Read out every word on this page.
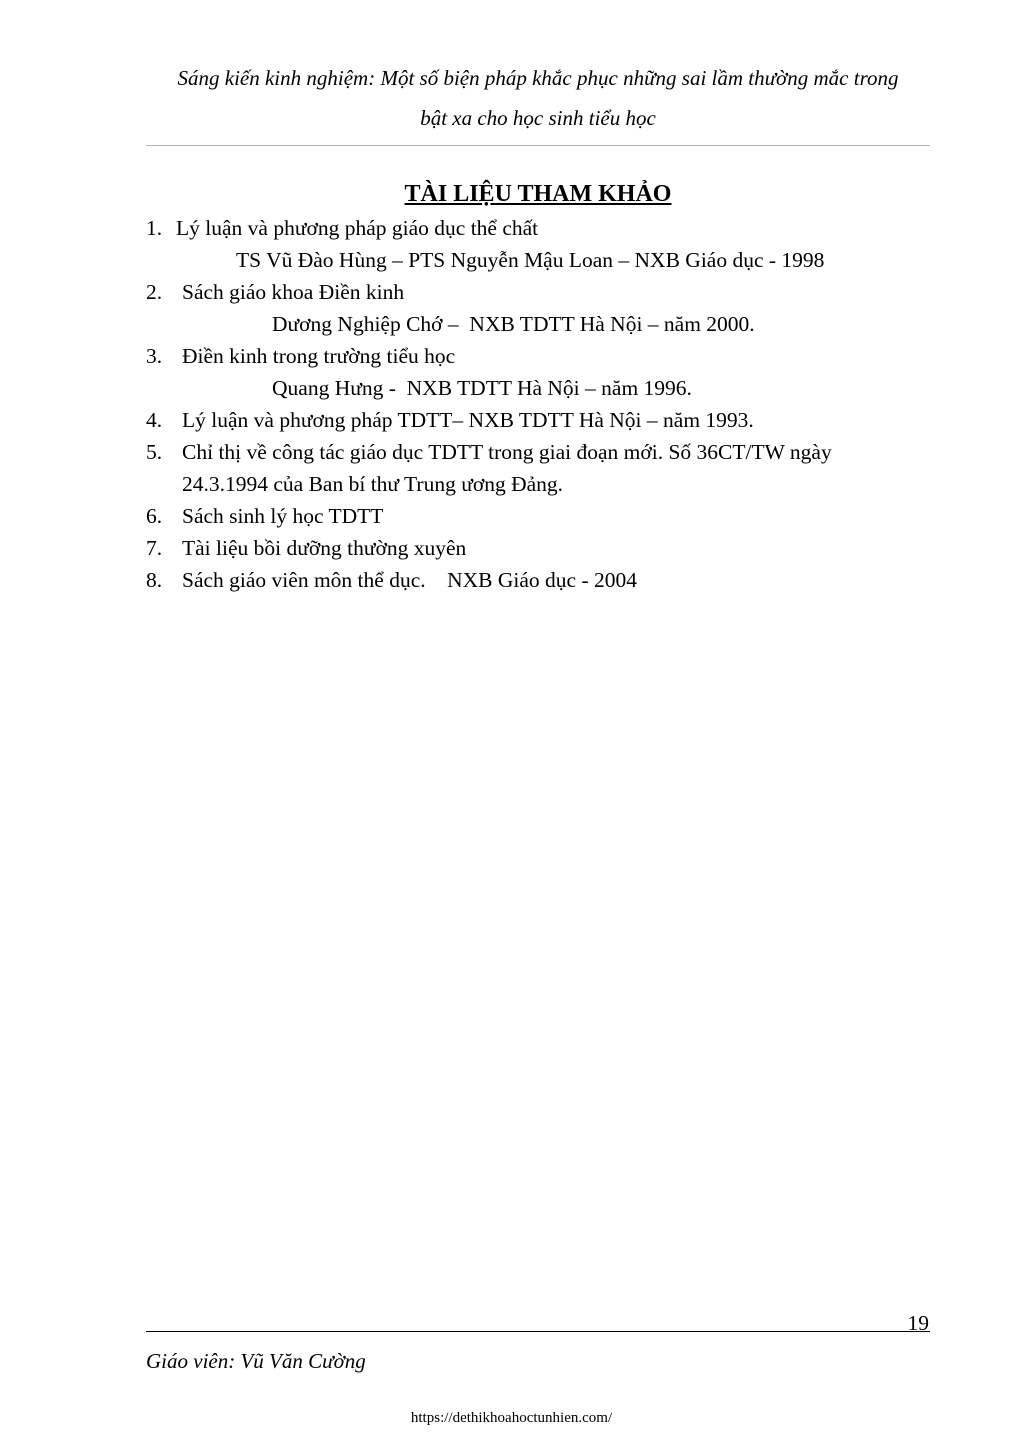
Sáng kiến kinh nghiệm: Một số biện pháp khắc phục những sai lầm thường mắc trong
bật xa cho học sinh tiểu học
TÀI LIỆU THAM KHẢO
1. Lý luận và phương pháp giáo dục thể chất
TS Vũ Đào Hùng – PTS Nguyễn Mậu Loan – NXB Giáo dục - 1998
2. Sách giáo khoa Điền kinh
Dương Nghiệp Chớ –  NXB TDTT Hà Nội – năm 2000.
3. Điền kinh trong trường tiểu học
Quang Hưng -  NXB TDTT Hà Nội – năm 1996.
4. Lý luận và phương pháp TDTT– NXB TDTT Hà Nội – năm 1993.
5. Chỉ thị về công tác giáo dục TDTT trong giai đoạn mới. Số 36CT/TW ngày
24.3.1994 của Ban bí thư Trung ương Đảng.
6. Sách sinh lý học TDTT
7. Tài liệu bồi dưỡng thường xuyên
8. Sách giáo viên môn thể dục.    NXB Giáo dục - 2004
19
Giáo viên: Vũ Văn Cường
https://dethikhoahoctunhien.com/
